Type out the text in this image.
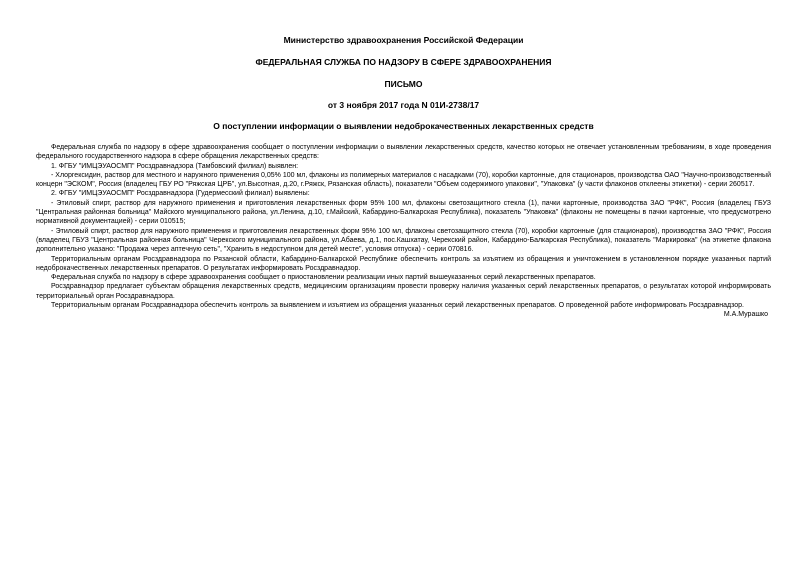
Министерство здравоохранения Российской Федерации

ФЕДЕРАЛЬНАЯ СЛУЖБА ПО НАДЗОРУ В СФЕРЕ ЗДРАВООХРАНЕНИЯ

ПИСЬМО

от 3 ноября 2017 года N 01И-2738/17

О поступлении информации о выявлении недоброкачественных лекарственных средств

Федеральная служба по надзору в сфере здравоохранения сообщает о поступлении информации о выявлении лекарственных средств, качество которых не отвечает установленным требованиям, в ходе проведения федерального государственного надзора в сфере обращения лекарственных средств:

1. ФГБУ "ИМЦЭУАОСМП" Росздравнадзора (Тамбовский филиал) выявлен:

- Хлоргексидин, раствор для местного и наружного применения 0,05% 100 мл, флаконы из полимерных материалов с насадками (70), коробки картонные, для стационаров, производства ОАО "Научно-производственный концерн "ЭСКОМ", Россия (владелец ГБУ РО "Ряжская ЦРБ", ул.Высотная, д.20, г.Ряжск, Рязанская область), показатели "Объем содержимого упаковки", "Упаковка" (у части флаконов отклеены этикетки) - серии 260517.

2. ФГБУ "ИМЦЭУАОСМП" Росздравнадзора (Гудермесский филиал) выявлены:

- Этиловый спирт, раствор для наружного применения и приготовления лекарственных форм 95% 100 мл, флаконы светозащитного стекла (1), пачки картонные, производства ЗАО "РФК", Россия (владелец ГБУЗ "Центральная районная больница" Майского муниципального района, ул.Ленина, д.10, г.Майский, Кабардино-Балкарская Республика), показатель "Упаковка" (флаконы не помещены в пачки картонные, что предусмотрено нормативной документацией) - серии 010515;

- Этиловый спирт, раствор для наружного применения и приготовления лекарственных форм 95% 100 мл, флаконы светозащитного стекла (70), коробки картонные (для стационаров), производства ЗАО "РФК", Россия (владелец ГБУЗ "Центральная районная больница" Черекского муниципального района, ул.Абаева, д.1, пос.Кашхатау, Черекский район, Кабардино-Балкарская Республика), показатель "Маркировка" (на этикетке флакона дополнительно указано: "Продажа через аптечную сеть", "Хранить в недоступном для детей месте", условия отпуска) - серии 070816.

Территориальным органам Росздравнадзора по Рязанской области, Кабардино-Балкарской Республике обеспечить контроль за изъятием из обращения и уничтожением в установленном порядке указанных партий недоброкачественных лекарственных препаратов. О результатах информировать Росздравнадзор.

Федеральная служба по надзору в сфере здравоохранения сообщает о приостановлении реализации иных партий вышеуказанных серий лекарственных препаратов.

Росздравнадзор предлагает субъектам обращения лекарственных средств, медицинским организациям провести проверку наличия указанных серий лекарственных препаратов, о результатах которой информировать территориальный орган Росздравнадзора.

Территориальным органам Росздравнадзора обеспечить контроль за выявлением и изъятием из обращения указанных серий лекарственных препаратов. О проведенной работе информировать Росздравнадзор.

М.А.Мурашко
